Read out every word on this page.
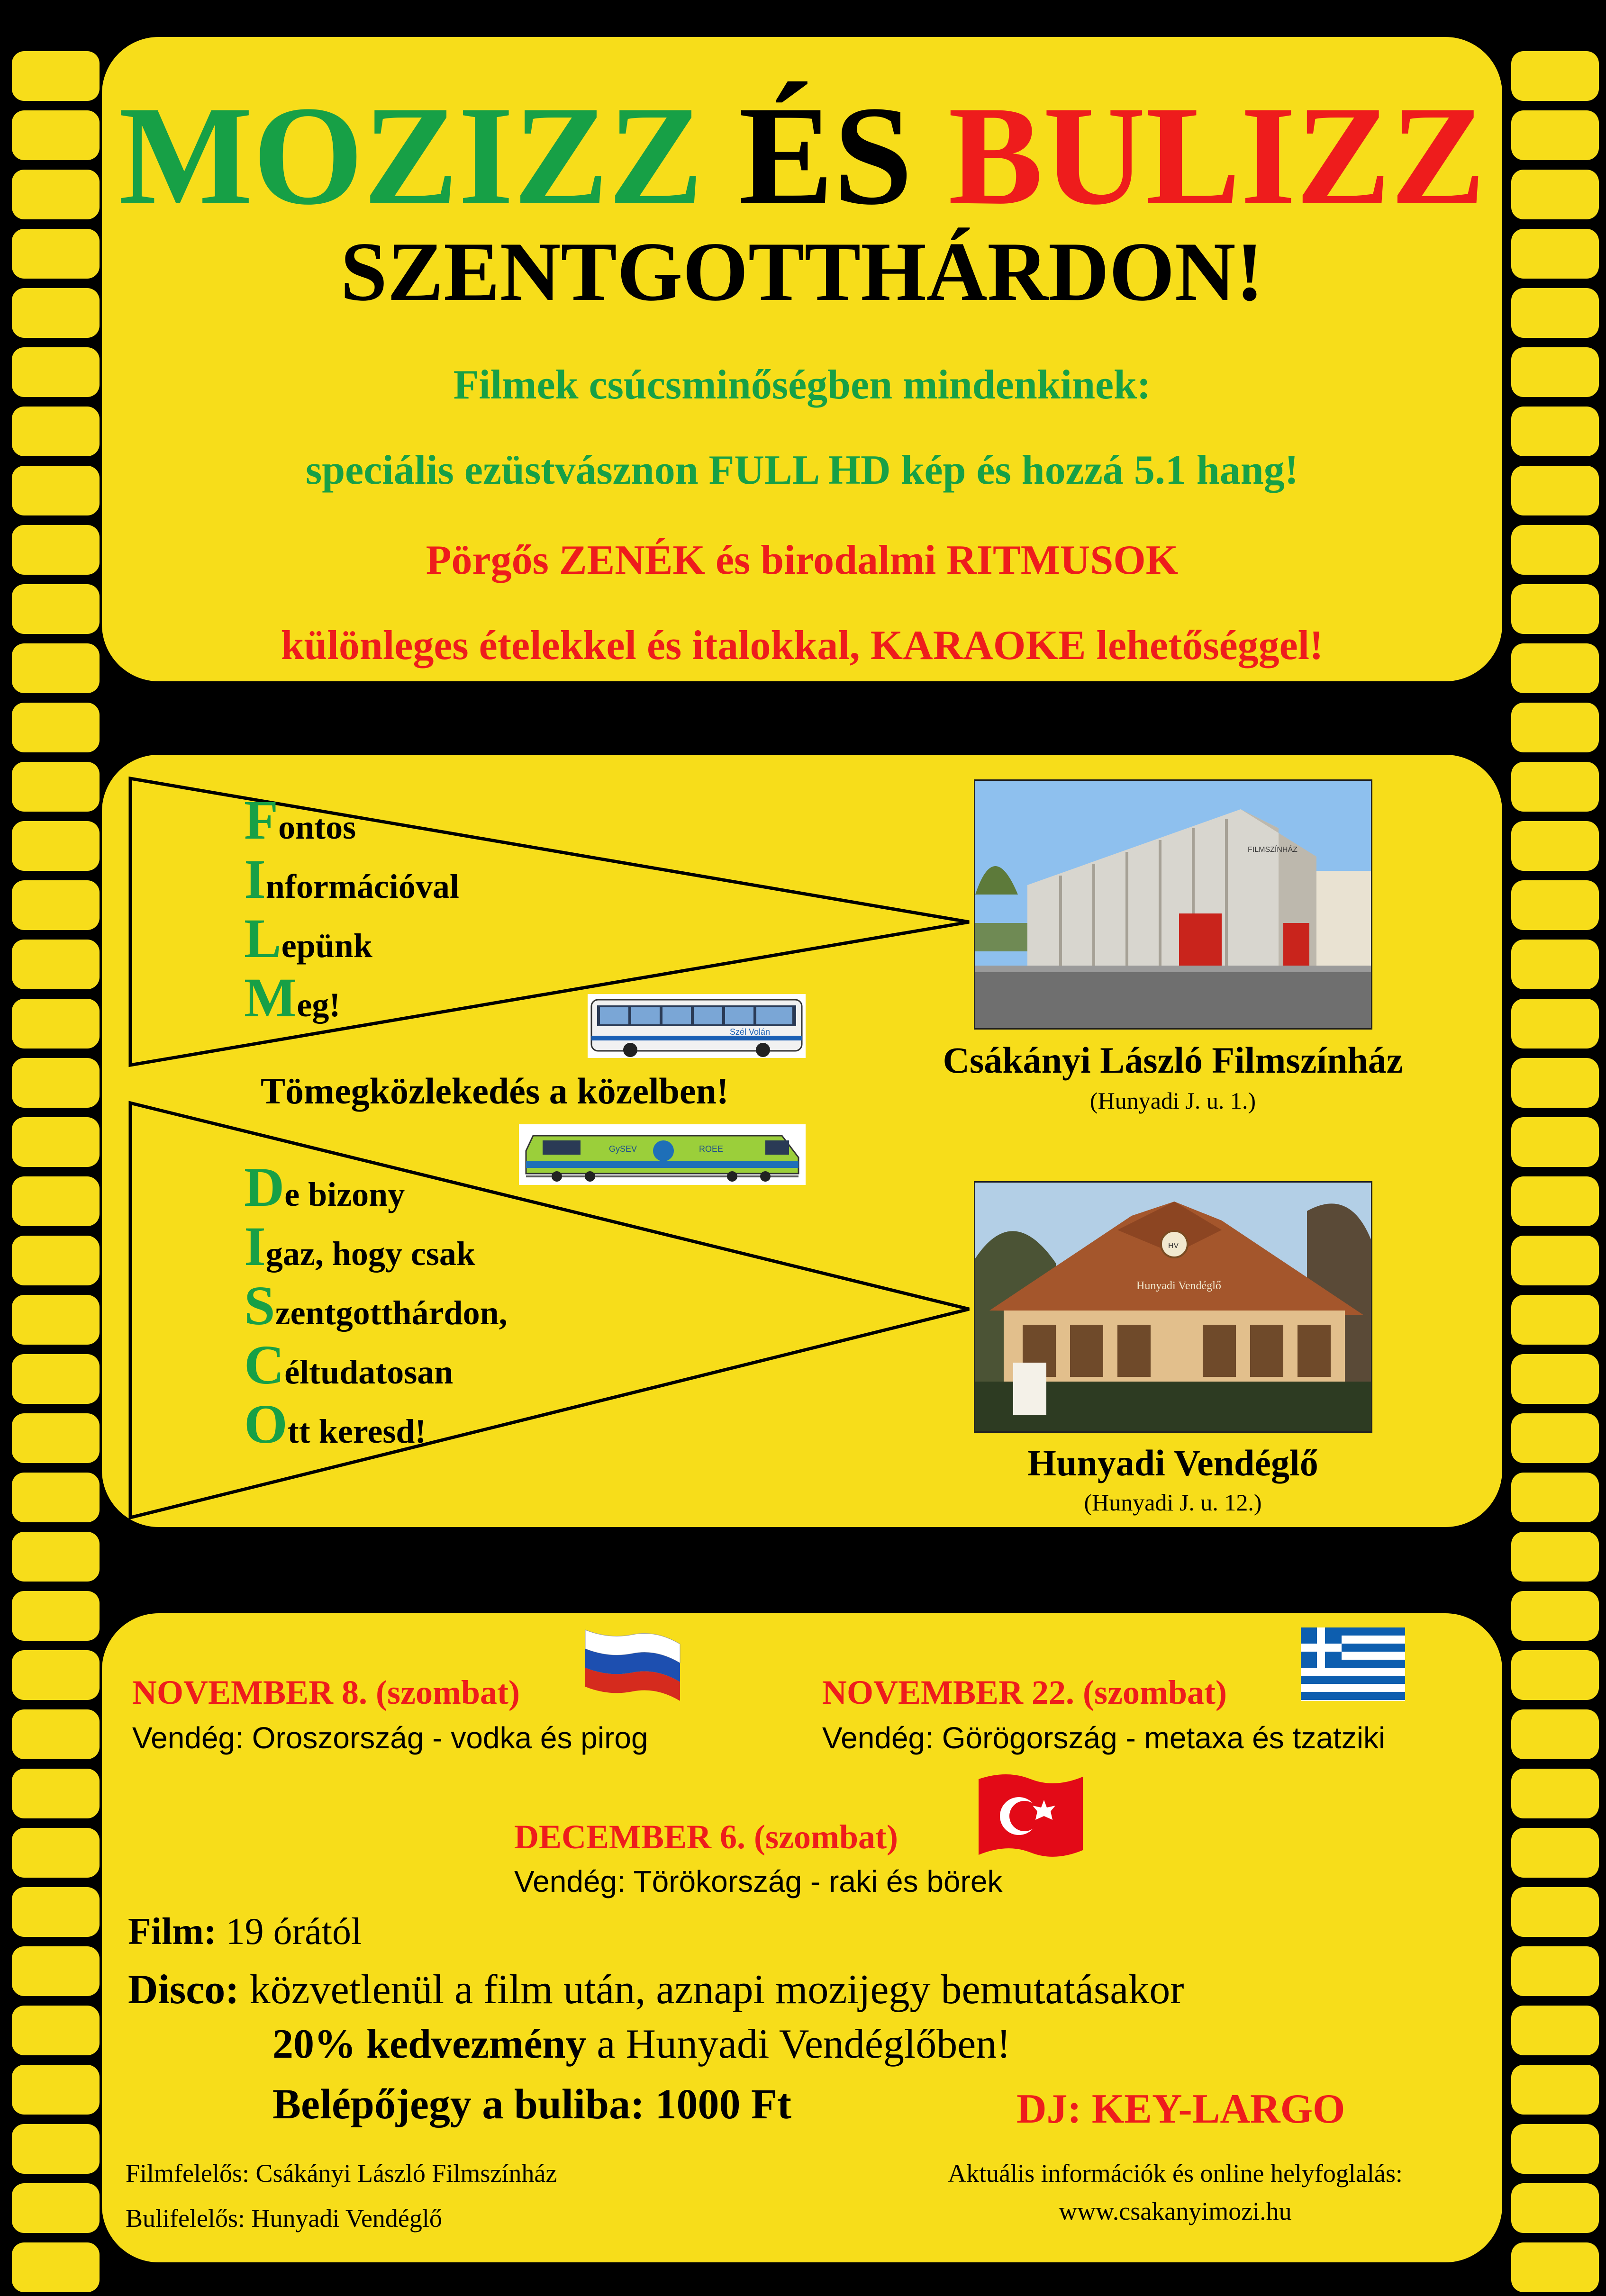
MOZIZZ ÉS BULIZZ
SZENTGOTTHÁRDON!
Filmek csúcsminőségben mindenkinek:
speciális ezüstvásznon FULL HD kép és hozzá 5.1 hang!
Pörgős ZENÉK és birodalmi RITMUSOK
különleges ételekkel és italokkal, KARAOKE lehetőséggel!
Fontos
Információval
Lepünk
Meg!
De bizony
Igaz, hogy csak
Szentgotthárdon,
Céltudatosan
Ott keresd!
Szél Volán
Tömegközlekedés a közelben!
GySEV	ROEE
FILMSZÍNHÁZ
Csákányi László Filmszínház
(Hunyadi J. u. 1.)
HV
Hunyadi Vendéglő
Hunyadi Vendéglő
(Hunyadi J. u. 12.)
NOVEMBER 8. (szombat)
Vendég: Oroszország - vodka és pirog
NOVEMBER 22. (szombat)
Vendég: Görögország - metaxa és tzatziki
DECEMBER 6. (szombat)
Vendég: Törökország - raki és börek
Film: 19 órától
Disco: közvetlenül a film után, aznapi mozijegy bemutatásakor
20% kedvezmény a Hunyadi Vendéglőben!
Belépőjegy a buliba: 1000 Ft	DJ: KEY-LARGO
Filmfelelős: Csákányi László Filmszínház
Bulifelelős: Hunyadi Vendéglő
Aktuális információk és online helyfoglalás:
www.csakanyimozi.hu
